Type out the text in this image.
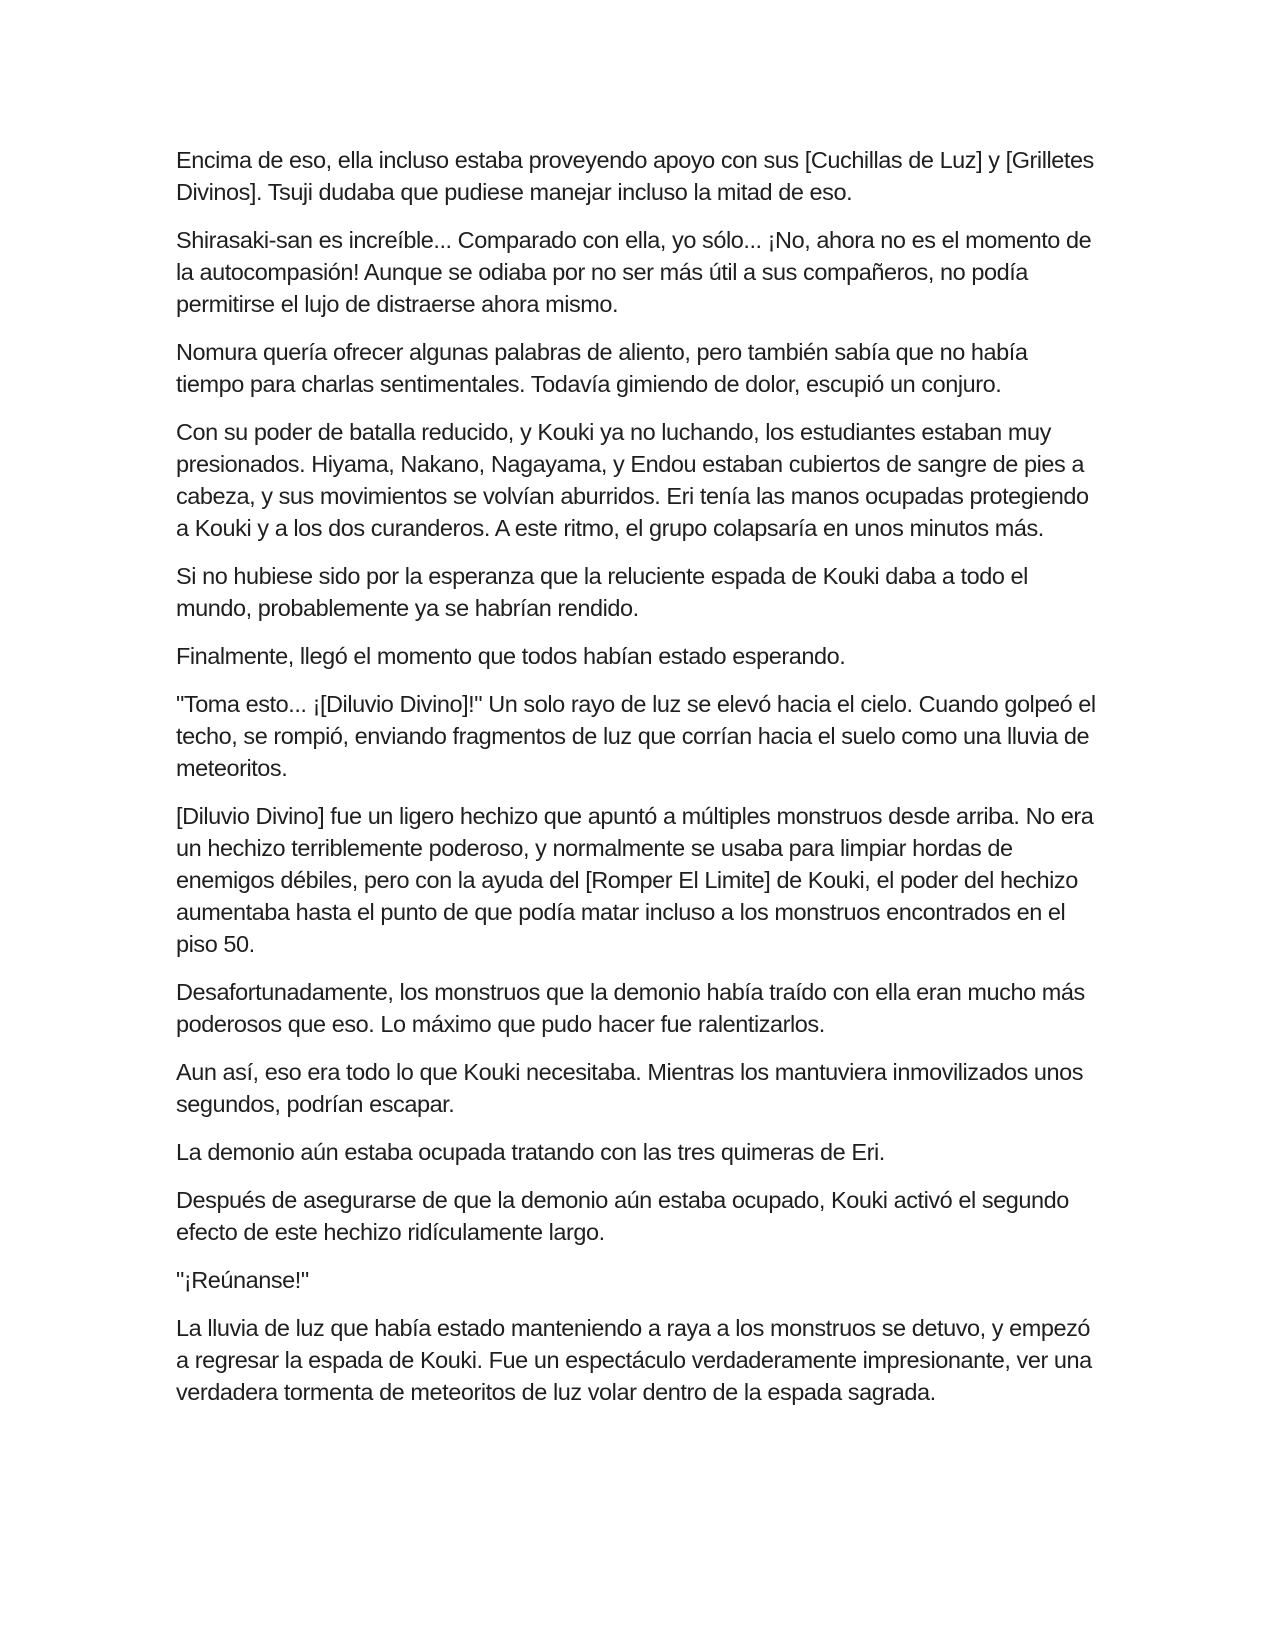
Encima de eso, ella incluso estaba proveyendo apoyo con sus [Cuchillas de Luz] y [Grilletes Divinos]. Tsuji dudaba que pudiese manejar incluso la mitad de eso.

Shirasaki-san es increíble... Comparado con ella, yo sólo... ¡No, ahora no es el momento de la autocompasión! Aunque se odiaba por no ser más útil a sus compañeros, no podía permitirse el lujo de distraerse ahora mismo.

Nomura quería ofrecer algunas palabras de aliento, pero también sabía que no había tiempo para charlas sentimentales. Todavía gimiendo de dolor, escupió un conjuro.

Con su poder de batalla reducido, y Kouki ya no luchando, los estudiantes estaban muy presionados. Hiyama, Nakano, Nagayama, y Endou estaban cubiertos de sangre de pies a cabeza, y sus movimientos se volvían aburridos. Eri tenía las manos ocupadas protegiendo a Kouki y a los dos curanderos. A este ritmo, el grupo colapsaría en unos minutos más.

Si no hubiese sido por la esperanza que la reluciente espada de Kouki daba a todo el mundo, probablemente ya se habrían rendido.

Finalmente, llegó el momento que todos habían estado esperando.

"Toma esto... ¡[Diluvio Divino]!" Un solo rayo de luz se elevó hacia el cielo. Cuando golpeó el techo, se rompió, enviando fragmentos de luz que corrían hacia el suelo como una lluvia de meteoritos.

[Diluvio Divino] fue un ligero hechizo que apuntó a múltiples monstruos desde arriba. No era un hechizo terriblemente poderoso, y normalmente se usaba para limpiar hordas de enemigos débiles, pero con la ayuda del [Romper El Limite] de Kouki, el poder del hechizo aumentaba hasta el punto de que podía matar incluso a los monstruos encontrados en el piso 50.

Desafortunadamente, los monstruos que la demonio había traído con ella eran mucho más poderosos que eso. Lo máximo que pudo hacer fue ralentizarlos.

Aun así, eso era todo lo que Kouki necesitaba. Mientras los mantuviera inmovilizados unos segundos, podrían escapar.

La demonio aún estaba ocupada tratando con las tres quimeras de Eri.

Después de asegurarse de que la demonio aún estaba ocupado, Kouki activó el segundo efecto de este hechizo ridículamente largo.

"¡Reúnanse!"

La lluvia de luz que había estado manteniendo a raya a los monstruos se detuvo, y empezó a regresar la espada de Kouki. Fue un espectáculo verdaderamente impresionante, ver una verdadera tormenta de meteoritos de luz volar dentro de la espada sagrada.
